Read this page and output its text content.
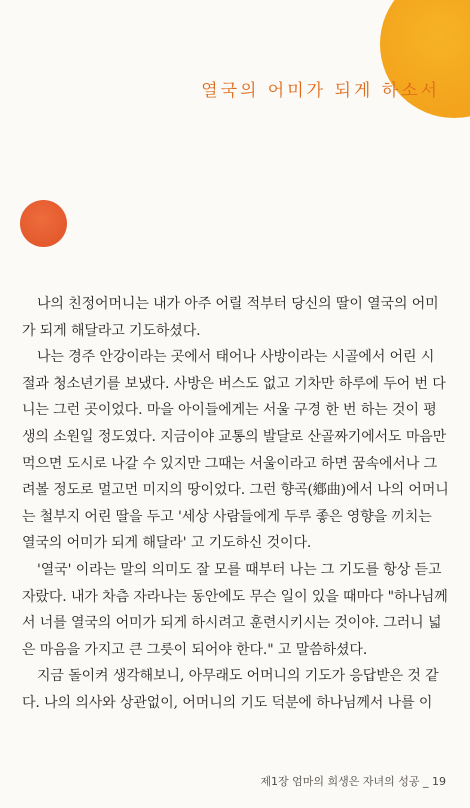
열국의 어미가 되게 하소서
나의 친정어머니는 내가 아주 어릴 적부터 당신의 딸이 열국의 어미
가 되게 해달라고 기도하셨다.
나는 경주 안강이라는 곳에서 태어나 사방이라는 시골에서 어린 시
절과 청소년기를 보냈다. 사방은 버스도 없고 기차만 하루에 두어 번 다
니는 그런 곳이었다. 마을 아이들에게는 서울 구경 한 번 하는 것이 평
생의 소원일 정도였다. 지금이야 교통의 발달로 산골짜기에서도 마음만
먹으면 도시로 나갈 수 있지만 그때는 서울이라고 하면 꿈속에서나 그
려볼 정도로 멀고먼 미지의 땅이었다. 그런 향곡(鄕曲)에서 나의 어머니
는 철부지 어린 딸을 두고 '세상 사람들에게 두루 좋은 영향을 끼치는
열국의 어미가 되게 해달라' 고 기도하신 것이다.
'열국' 이라는 말의 의미도 잘 모를 때부터 나는 그 기도를 항상 듣고
자랐다. 내가 차츰 자라나는 동안에도 무슨 일이 있을 때마다 "하나님께
서 너를 열국의 어미가 되게 하시려고 훈련시키시는 것이야. 그러니 넓
은 마음을 가지고 큰 그릇이 되어야 한다." 고 말씀하셨다.
지금 돌이켜 생각해보니, 아무래도 어머니의 기도가 응답받은 것 같
다. 나의 의사와 상관없이, 어머니의 기도 덕분에 하나님께서 나를 이
제1장 엄마의 희생은 자녀의 성공 _ 19
